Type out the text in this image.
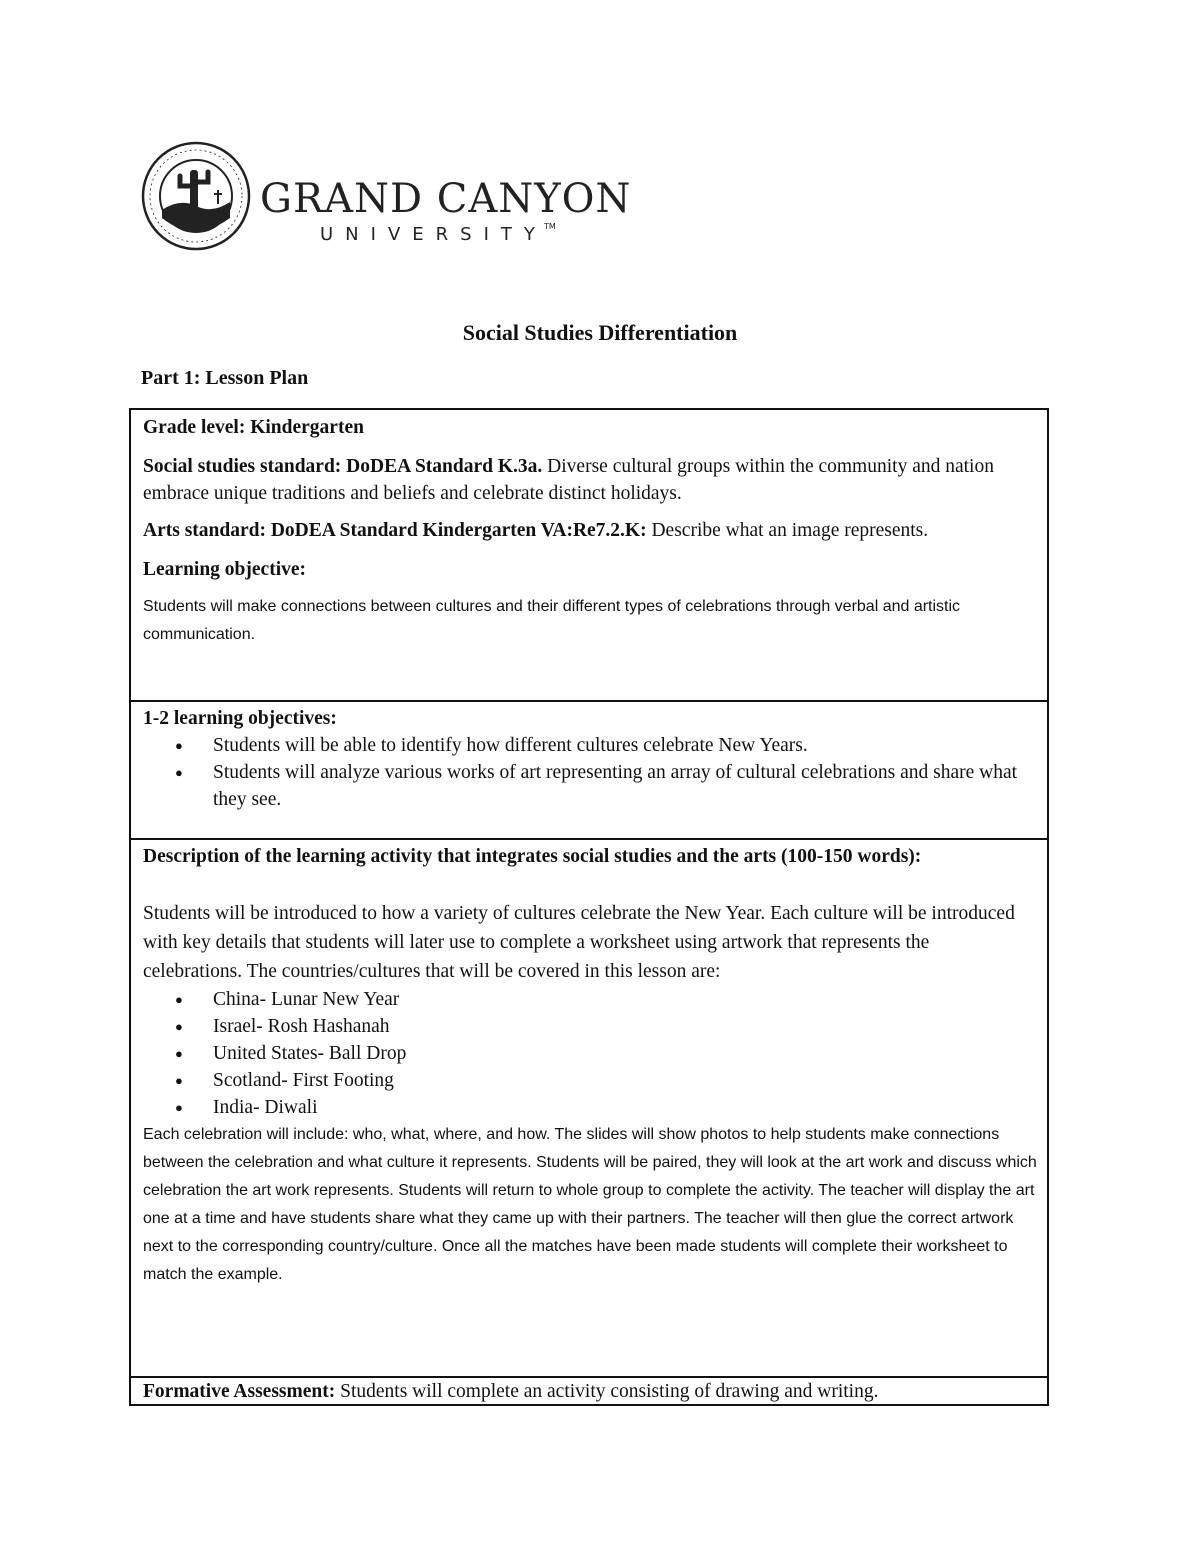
GRAND CANYON
UNIVERSITY
TM
Social Studies Differentiation
Part 1: Lesson Plan

Grade level: Kindergarten

Social studies standard: DoDEA Standard K.3a. Diverse cultural groups within the community and nation embrace unique traditions and beliefs and celebrate distinct holidays.

Arts standard: DoDEA Standard Kindergarten VA:Re7.2.K: Describe what an image represents.

Learning objective:

Students will make connections between cultures and their different types of celebrations through verbal and artistic communication.

1-2 learning objectives:

● Students will be able to identify how different cultures celebrate New Years.
● Students will analyze various works of art representing an array of cultural celebrations and share what they see.

Description of the learning activity that integrates social studies and the arts (100-150 words):

Students will be introduced to how a variety of cultures celebrate the New Year. Each culture will be introduced with key details that students will later use to complete a worksheet using artwork that represents the celebrations. The countries/cultures that will be covered in this lesson are:

● China- Lunar New Year
● Israel- Rosh Hashanah
● United States- Ball Drop
● Scotland- First Footing
● India- Diwali

Each celebration will include: who, what, where, and how. The slides will show photos to help students make connections between the celebration and what culture it represents. Students will be paired, they will look at the art work and discuss which celebration the art work represents. Students will return to whole group to complete the activity. The teacher will display the art one at a time and have students share what they came up with their partners. The teacher will then glue the correct artwork next to the corresponding country/culture. Once all the matches have been made students will complete their worksheet to match the example.

Formative Assessment: Students will complete an activity consisting of drawing and writing.
